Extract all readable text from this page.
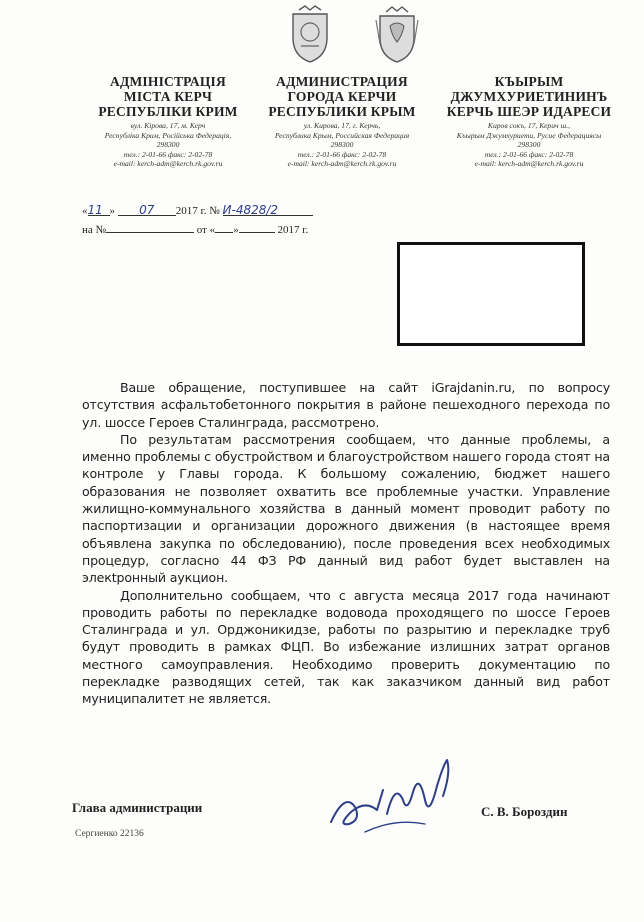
АДМІНІСТРАЦІЯ
МІСТА КЕРЧ
РЕСПУБЛІКИ КРИМ
вул. Кірова, 17, м. Керч
Республіка Крим, Російська Федерація,
298300
тел.: 2-01-66 факс: 2-02-78
e-mail: kerch-adm@kerch.rk.gov.ru
АДМИНИСТРАЦИЯ
ГОРОДА КЕРЧИ
РЕСПУБЛИКИ КРЫМ
ул. Кирова, 17, г. Керчь,
Республика Крым, Российская Федерация
298300
тел.: 2-01-66 факс: 2-02-78
e-mail: kerch-adm@kerch.rk.gov.ru
КЪЫРЫМ
ДЖУМХУРИЕТИНИНЪ
КЕРЧЬ ШЕЭР ИДАРЕСИ
Киров сокъ, 17, Керич ш.,
Къырым Джумхуриети, Русие Федерациясы
298300
тел.: 2-01-66 факс: 2-02-78
e-mail: kerch-adm@kerch.rk.gov.ru
«11 » 07 2017 г. № И-4828/2
на №	от « »	2017 г.

Ваше обращение, поступившее на сайт iGrajdanin.ru, по вопросу отсутствия асфальтобетонного покрытия в районе пешеходного перехода по ул. шоссе Героев Сталинграда, рассмотрено.

По результатам рассмотрения сообщаем, что данные проблемы, а именно проблемы с обустройством и благоустройством нашего города стоят на контроле у Главы города. К большому сожалению, бюджет нашего образования не позволяет охватить все проблемные участки. Управление жилищно-коммунального хозяйства в данный момент проводит работу по паспортизации и организации дорожного движения (в настоящее время объявлена закупка по обследованию), после проведения всех необходимых процедур, согласно 44 ФЗ РФ данный вид работ будет выставлен на элекtронный аукцион.

Дополнительно сообщаем, что с августа месяца 2017 года начинают проводить работы по перекладке водовода проходящего по шоссе Героев Сталинграда и ул. Орджоникидзе, работы по разрытию и перекладке труб будут проводить в рамках ФЦП. Во избежание излишних затрат органов местного самоуправления. Необходимо проверить документацию по перекладке разводящих сетей, так как заказчиком данный вид работ муниципалитет не является.

Глава администрации	С. В. Бороздин
Сергиенко 22136
